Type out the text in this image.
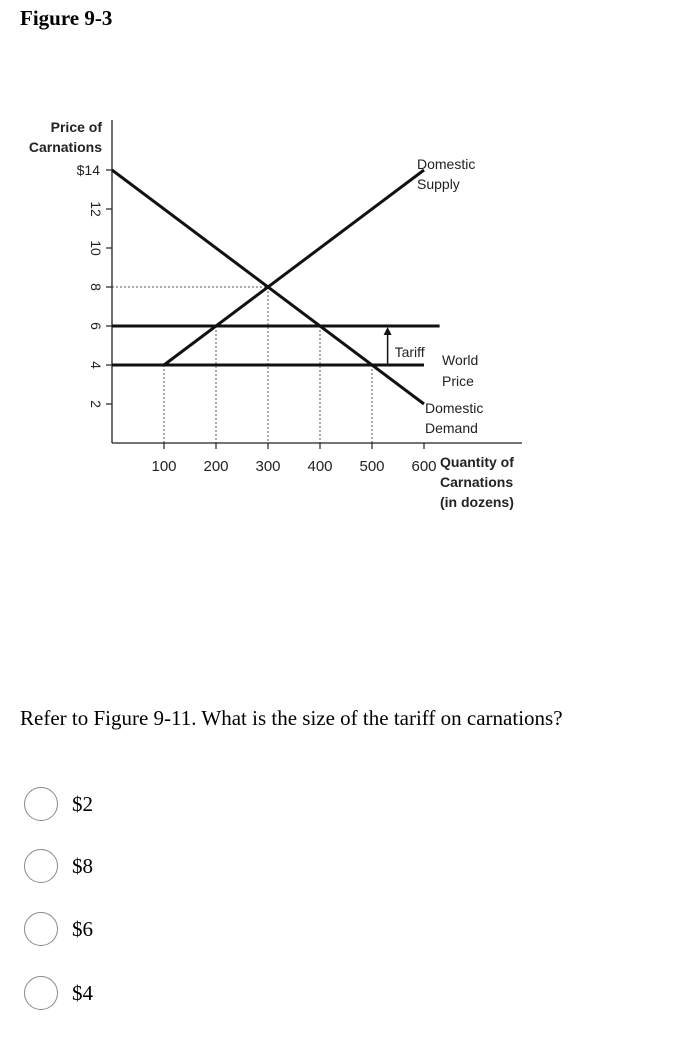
Figure 9-3
2
4
6
8
10
12
$14
100 200 300 400 500 600
Price of
Carnations
Quantity of
Carnations
(in dozens)
Domestic
Supply
World
Price
Domestic
Demand
Tariff
Refer to Figure 9-11. What is the size of the tariff on carnations?
$2
$8
$6
$4
